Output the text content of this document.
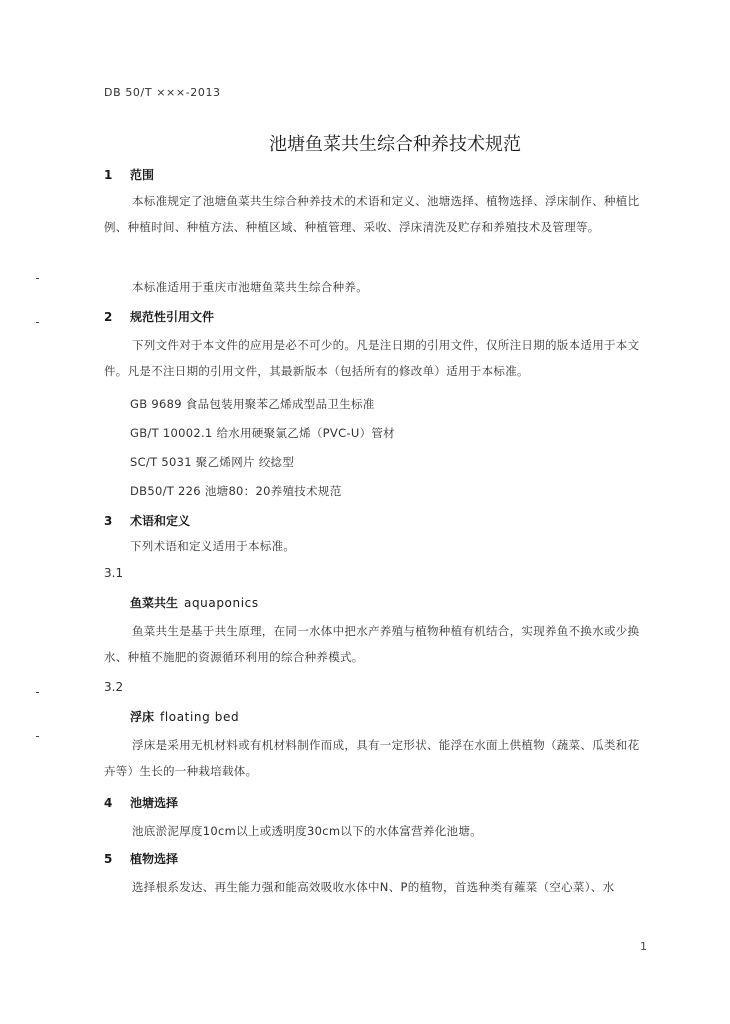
DB 50/T ×××-2013
池塘鱼菜共生综合种养技术规范
1 范围
本标准规定了池塘鱼菜共生综合种养技术的术语和定义、池塘选择、植物选择、浮床制作、种植比例、种植时间、种植方法、种植区域、种植管理、采收、浮床清洗及贮存和养殖技术及管理等。
本标准适用于重庆市池塘鱼菜共生综合种养。
2 规范性引用文件
下列文件对于本文件的应用是必不可少的。凡是注日期的引用文件，仅所注日期的版本适用于本文件。凡是不注日期的引用文件，其最新版本（包括所有的修改单）适用于本标准。
GB 9689 食品包装用聚苯乙烯成型品卫生标准
GB/T 10002.1 给水用硬聚氯乙烯（PVC-U）管材
SC/T 5031 聚乙烯网片 绞捻型
DB50/T 226 池塘80：20养殖技术规范
3 术语和定义
下列术语和定义适用于本标准。
3.1
鱼菜共生 aquaponics
鱼菜共生是基于共生原理，在同一水体中把水产养殖与植物种植有机结合，实现养鱼不换水或少换水、种植不施肥的资源循环利用的综合种养模式。
3.2
浮床 floating bed
浮床是采用无机材料或有机材料制作而成，具有一定形状、能浮在水面上供植物（蔬菜、瓜类和花卉等）生长的一种栽培载体。
4 池塘选择
池底淤泥厚度10cm以上或透明度30cm以下的水体富营养化池塘。
5 植物选择
选择根系发达、再生能力强和能高效吸收水体中N、P的植物，首选种类有蕹菜（空心菜）、水
1
